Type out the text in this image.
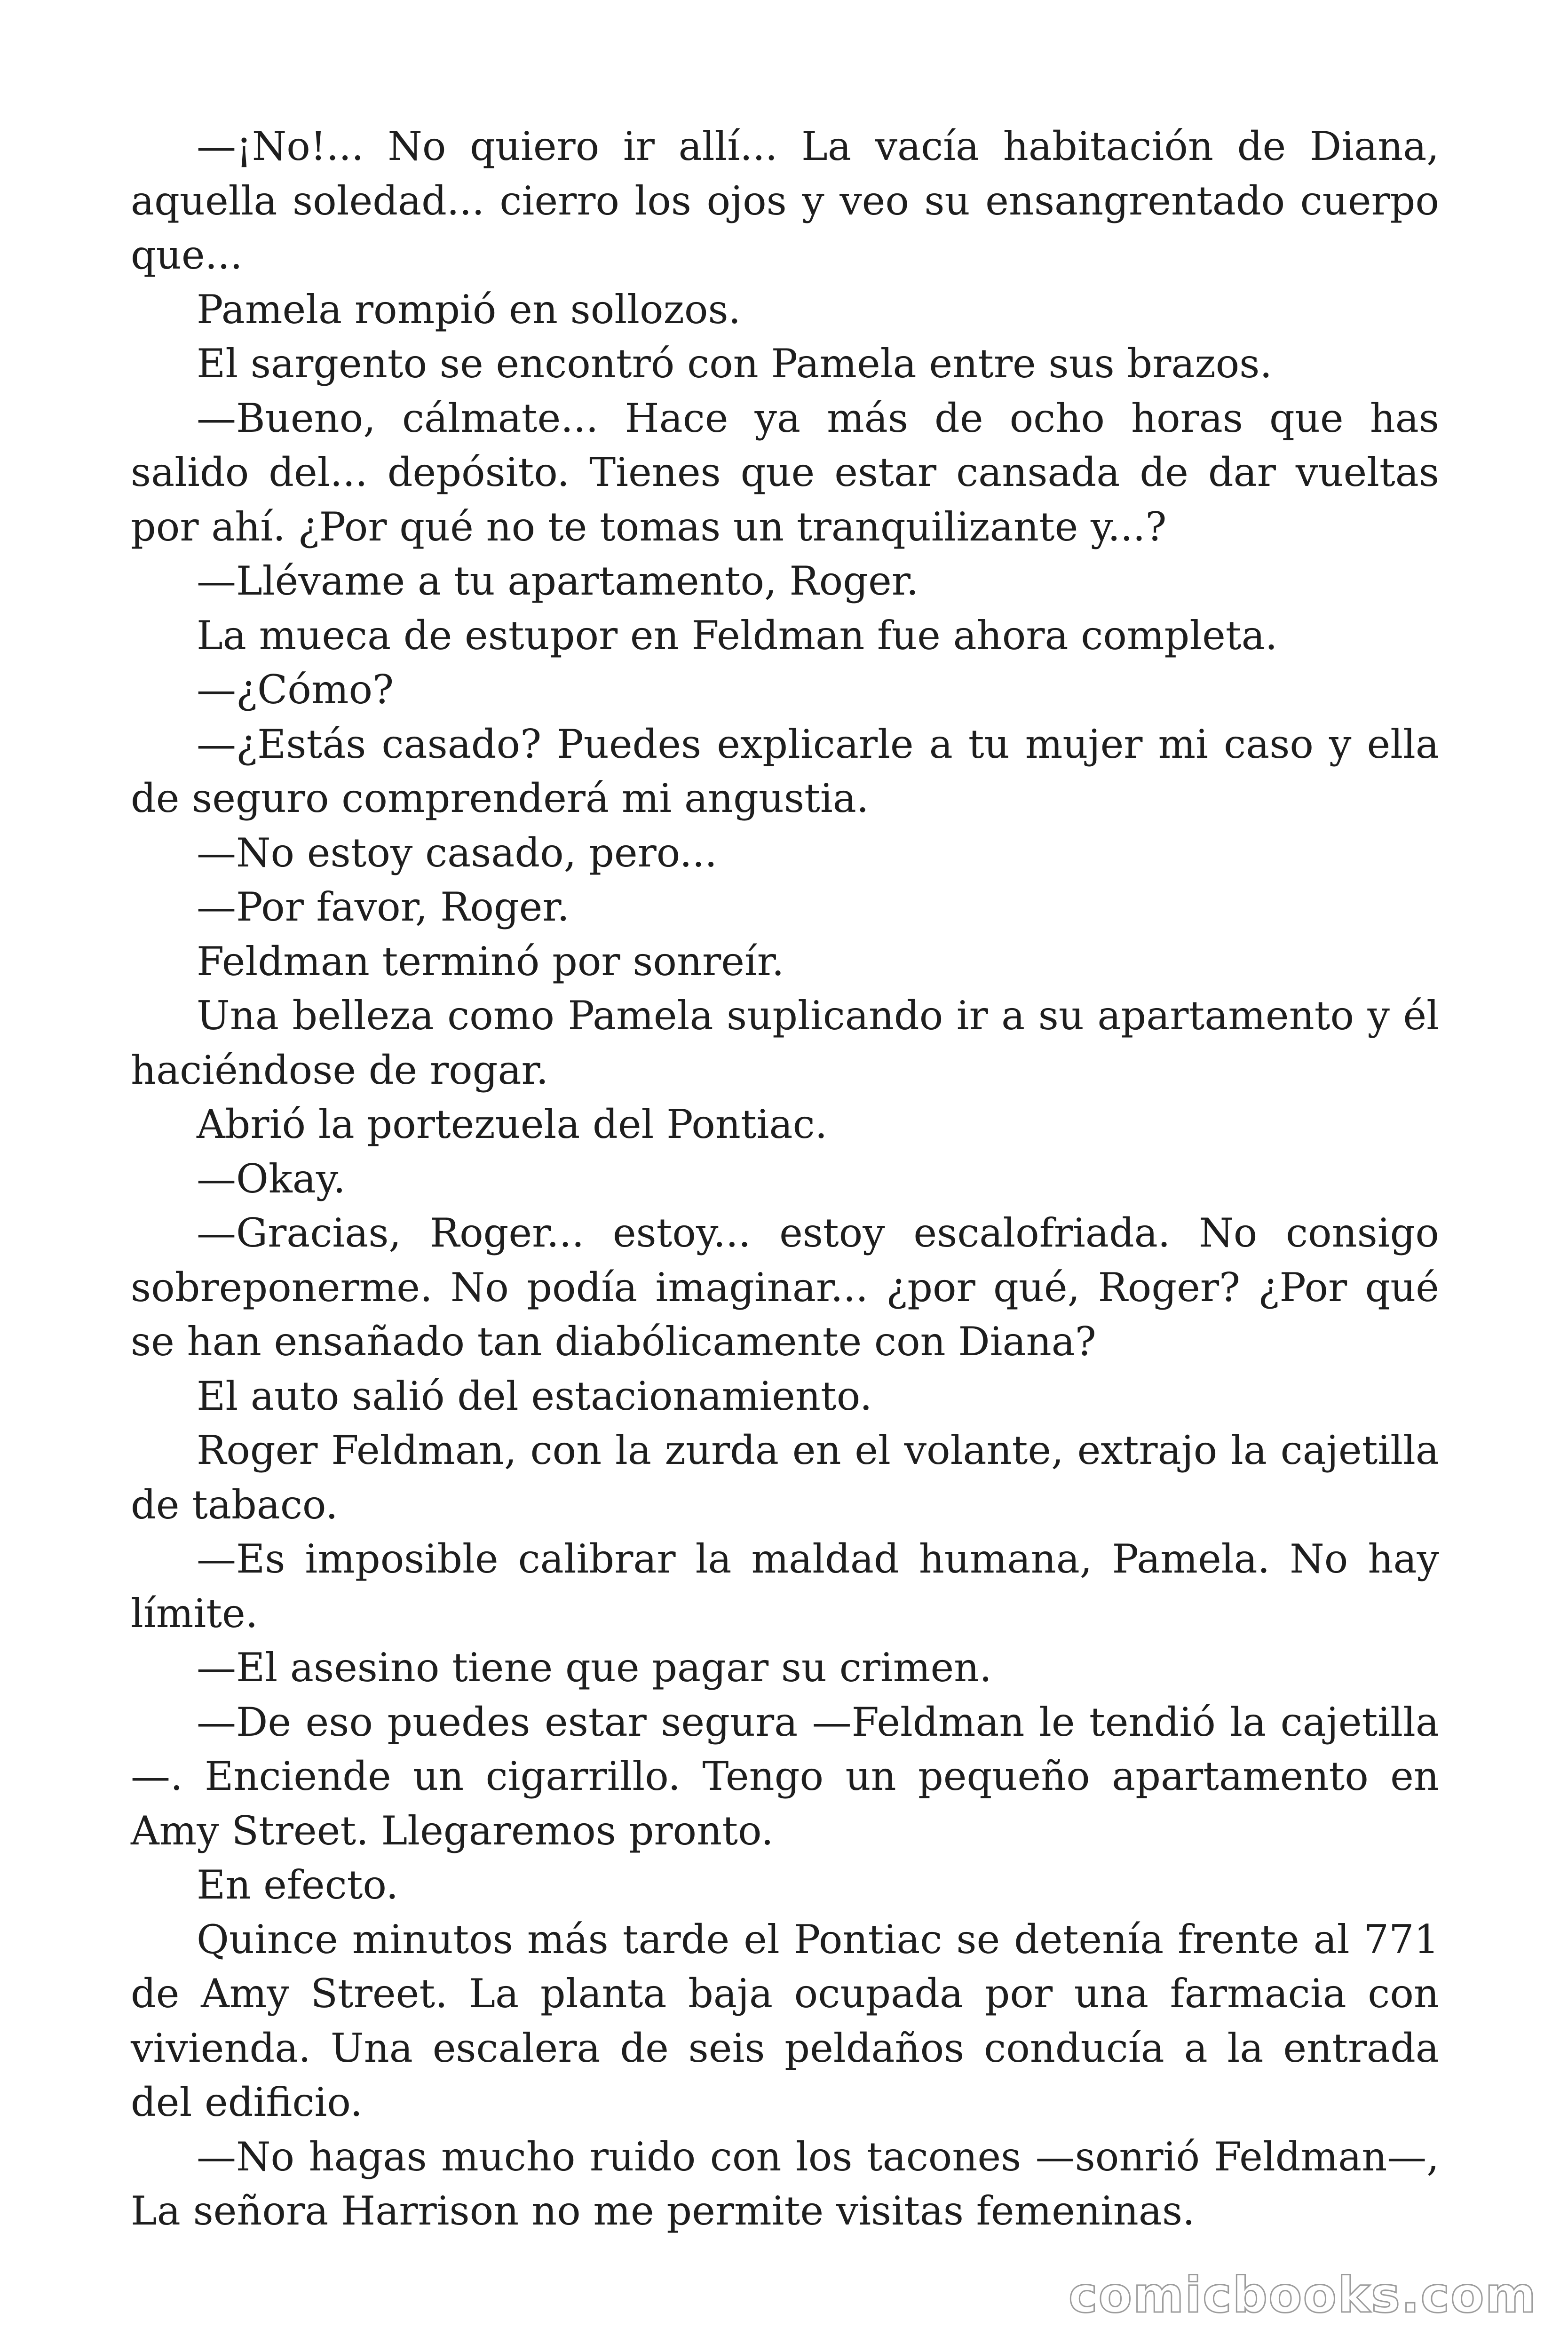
—¡No!... No quiero ir allí... La vacía habitación de Diana, aquella soledad... cierro los ojos y veo su ensangrentado cuerpo que...

Pamela rompió en sollozos.

El sargento se encontró con Pamela entre sus brazos.

—Bueno, cálmate... Hace ya más de ocho horas que has salido del... depósito. Tienes que estar cansada de dar vueltas por ahí. ¿Por qué no te tomas un tranquilizante y...?

—Llévame a tu apartamento, Roger.

La mueca de estupor en Feldman fue ahora completa.

—¿Cómo?

—¿Estás casado? Puedes explicarle a tu mujer mi caso y ella de seguro comprenderá mi angustia.

—No estoy casado, pero...

—Por favor, Roger.

Feldman terminó por sonreír.

Una belleza como Pamela suplicando ir a su apartamento y él haciéndose de rogar.

Abrió la portezuela del Pontiac.

—Okay.

—Gracias, Roger... estoy... estoy escalofriada. No consigo sobreponerme. No podía imaginar... ¿por qué, Roger? ¿Por qué se han ensañado tan diabólicamente con Diana?

El auto salió del estacionamiento.

Roger Feldman, con la zurda en el volante, extrajo la cajetilla de tabaco.

—Es imposible calibrar la maldad humana, Pamela. No hay límite.

—El asesino tiene que pagar su crimen.

—De eso puedes estar segura —Feldman le tendió la cajetilla—. Enciende un cigarrillo. Tengo un pequeño apartamento en Amy Street. Llegaremos pronto.

En efecto.

Quince minutos más tarde el Pontiac se detenía frente al 771 de Amy Street. La planta baja ocupada por una farmacia con vivienda. Una escalera de seis peldaños conducía a la entrada del edificio.

—No hagas mucho ruido con los tacones —sonrió Feldman—, La señora Harrison no me permite visitas femeninas.

comicbooks.com
